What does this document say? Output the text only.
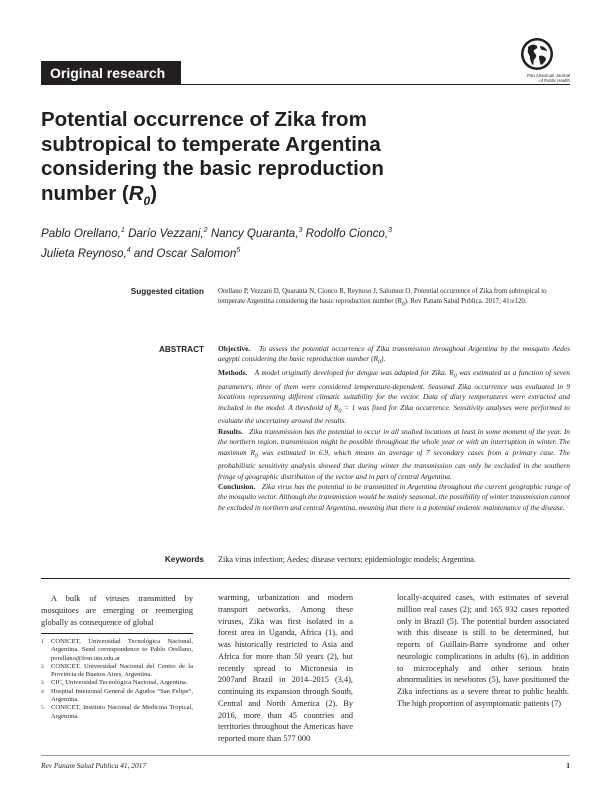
Original research	Pan American Journal
of Public Health
Potential occurrence of Zika from
subtropical to temperate Argentina
considering the basic reproduction
number $(R_0)$
Pablo Orellano,$^1$ Darío Vezzani,$^2$ Nancy Quaranta,$^3$ Rodolfo Cionco,$^3$
Julieta Reynoso,$^4$ and Oscar Salomon$^5$
Suggested citation Orellano P, Vezzani D, Quaranta N, Cionco R, Reynoso J, Salomon O. Potential occurrence of Zika from subtropical to temperate Argentina considering the basic reproduction number $(R_0)$. Rev Panam Salud Publica. 2017; 41:e120.
ABSTRACT Objective. To assess the potential occurrence of Zika transmission throughout Argentina by the mosquito Aedes aegypti considering the basic reproduction number $(R_0)$.

Methods. A model originally developed for dengue was adapted for Zika. $R_0$ was estimated as a function of seven parameters, three of them were considered temperature-dependent. Seasonal Zika occurrence was evaluated in 9 locations representing different climatic suitability for the vector. Data of diary temperatures were extracted and included in the model. A threshold of $R_0 = 1$ was fixed for Zika occurrence. Sensitivity analyses were performed to evaluate the uncertainty around the results.

Results. Zika transmission has the potential to occur in all studied locations at least in some moment of the year. In the northern region, transmission might be possible throughout the whole year or with an interruption in winter. The maximum $R_0$ was estimated in 6.9, which means an average of 7 secondary cases from a primary case. The probabilistic sensitivity analysis showed that during winter the transmission can only be excluded in the southern fringe of geographic distribution of the vector and in part of central Argentina.

Conclusion. Zika virus has the potential to be transmitted in Argentina throughout the current geographic range of the mosquito vector. Although the transmission would be mainly seasonal, the possibility of winter transmission cannot be excluded in northern and central Argentina, meaning that there is a potential endemic maintenance of the disease.

Keywords Zika virus infection; Aedes; disease vectors; epidemiologic models; Argentina.

A bulk of viruses transmitted by mosquitoes are emerging or reemerging globally as consequence of global

1	CONICET, Universidad Tecnológica Nacional, Argentina. Send correspondence to Pablo Orellano, porellano@frsn.utn.edu.ar
2	CONICET, Universidad Nacional del Centro de la Provincia de Buenos Aires, Argentina.
3	CIC, Universidad Tecnológica Nacional, Argentina.
4	Hospital Interzonal General de Agudos “San Felipe”, Argentina.
5	CONICET, Instituto Nacional de Medicina Tropical, Argentina.

warming, urbanization and modern transport networks. Among these viruses, Zika was first isolated in a forest area in Uganda, Africa (1), and was historically restricted to Asia and Africa for more than 50 years (2), but recently spread to Micronesia in 2007and Brazil in 2014–2015 (3,4), continuing its expansion through South, Central and North America (2). By 2016, more than 45 countries and territories throughout the Americas have reported more than 577 000

locally-acquired cases, with estimates of several million real cases (2); and 165 932 cases reported only in Brazil (5). The potential burden associated with this disease is still to be determined, but reports of Guillain-Barre syndrome and other neurologic complications in adults (6), in addition to microcephaly and other serious brain abnormalities in newborns (5), have positioned the Zika infections as a severe threat to public health. The high proportion of asymptomatic patients (7)

Rev Panam Salud Publica 41, 2017	1
